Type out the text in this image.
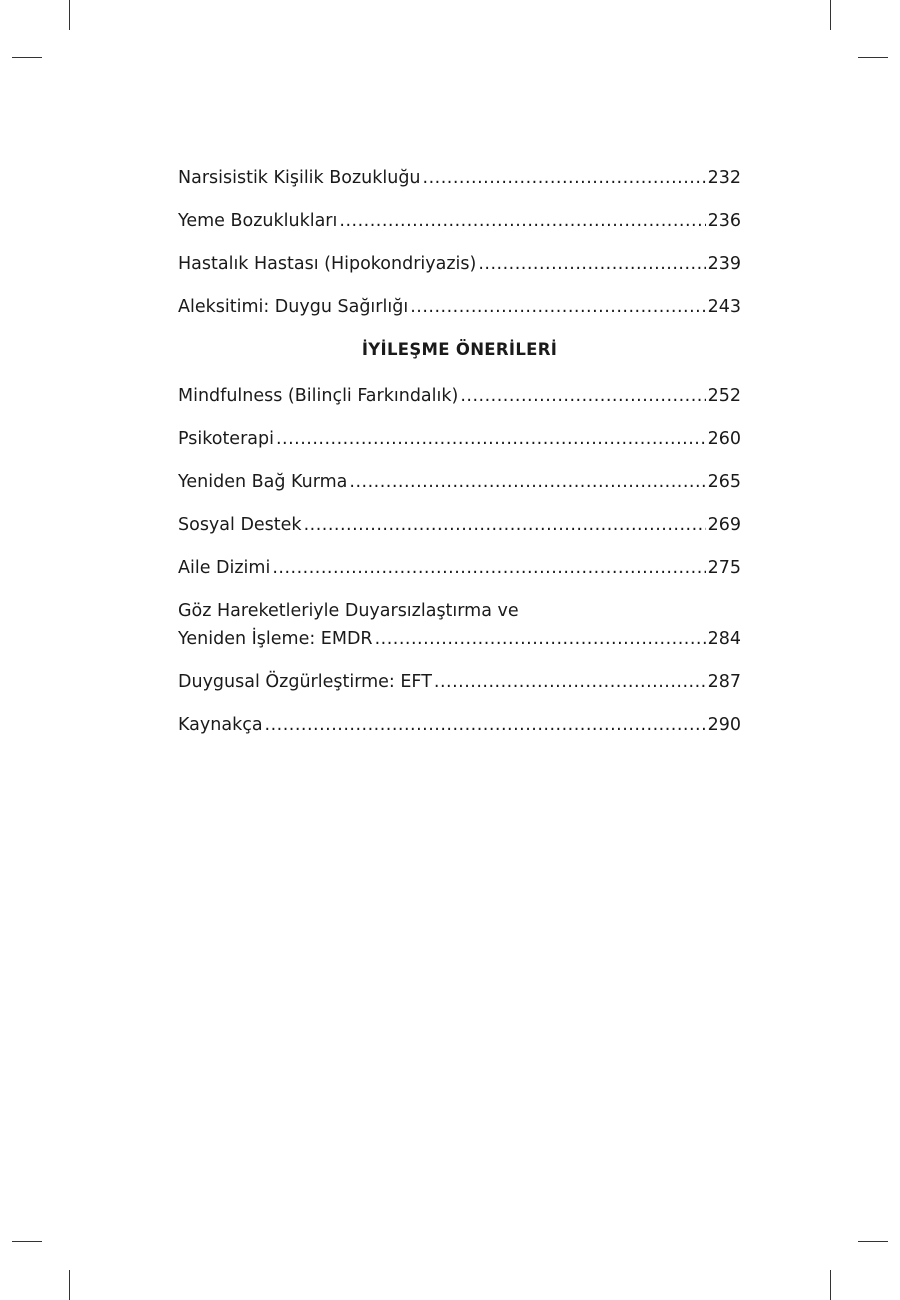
Narsisistik Kişilik Bozukluğu .....	232
Yeme Bozuklukları .....	236
Hastalık Hastası (Hipokondriyazis) .....	239
Aleksitimi: Duygu Sağırlığı .....	243
İYİLEŞME ÖNERİLERİ
Mindfulness (Bilinçli Farkındalık) .....	252
Psikoterapi .....	260
Yeniden Bağ Kurma .....	265
Sosyal Destek .....	269
Aile Dizimi .....	275
Göz Hareketleriyle Duyarsızlaştırma ve
Yeniden İşleme: EMDR .....	284
Duygusal Özgürleştirme: EFT .....	287
Kaynakça .....	290
